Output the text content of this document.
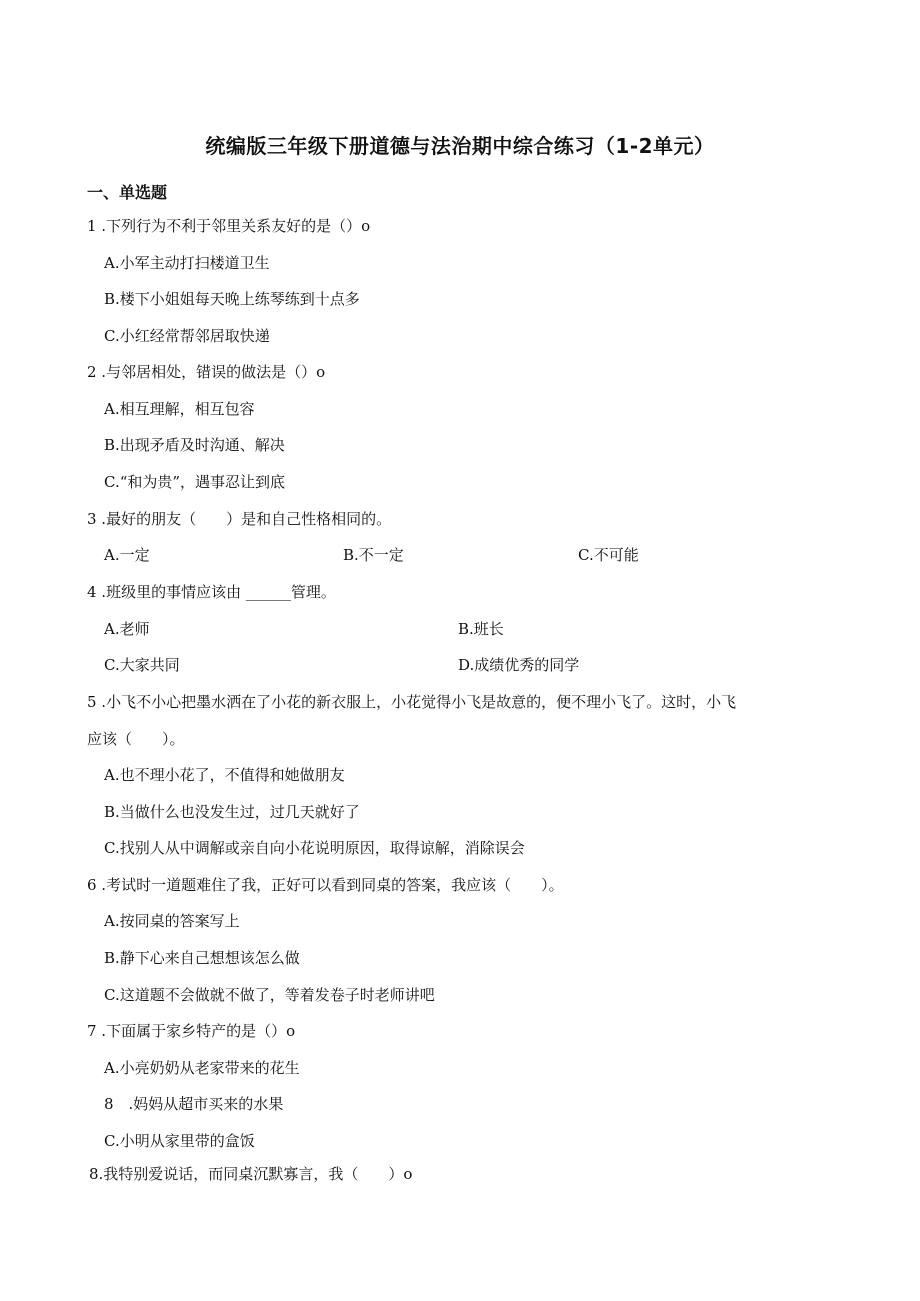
统编版三年级下册道德与法治期中综合练习（1-2单元）
一、单选题
1 .下列行为不利于邻里关系友好的是（）o
A.小军主动打扫楼道卫生
B.楼下小姐姐每天晚上练琴练到十点多
C.小红经常帮邻居取快递
2 .与邻居相处，错误的做法是（）o
A.相互理解，相互包容
B.出现矛盾及时沟通、解决
C.“和为贵”，遇事忍让到底
3 .最好的朋友（　　）是和自己性格相同的。
A.一定	B.不一定	C.不可能
4 .班级里的事情应该由 ______管理。
A.老师	B.班长
C.大家共同	D.成绩优秀的同学
5 .小飞不小心把墨水洒在了小花的新衣服上，小花觉得小飞是故意的，便不理小飞了。这时，小飞
应该（　　）。
A.也不理小花了，不值得和她做朋友
B.当做什么也没发生过，过几天就好了
C.找别人从中调解或亲自向小花说明原因，取得谅解，消除误会
6 .考试时一道题难住了我，正好可以看到同桌的答案，我应该（　　）。
A.按同桌的答案写上
B.静下心来自己想想该怎么做
C.这道题不会做就不做了，等着发卷子时老师讲吧
7 .下面属于家乡特产的是（）o
A.小亮奶奶从老家带来的花生
8　.妈妈从超市买来的水果
C.小明从家里带的盒饭
8.我特别爱说话，而同桌沉默寡言，我（　　）o
